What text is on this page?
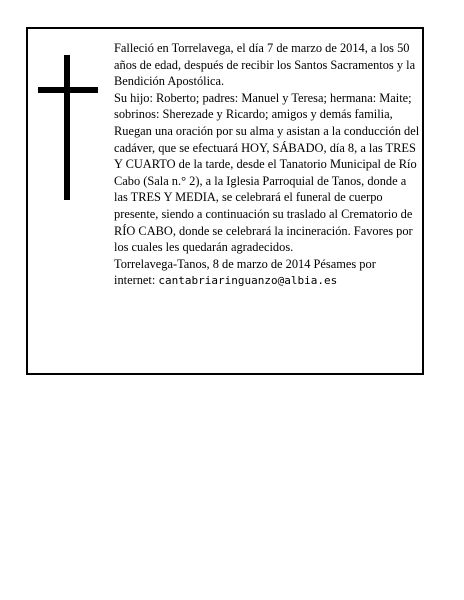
Falleció en Torrelavega, el día 7 de marzo de 2014, a los 50 años de edad, después de recibir los Santos Sacramentos y la Bendición Apostólica.

Su hijo: Roberto; padres: Manuel y Teresa; hermana: Maite; sobrinos: Sherezade y Ricardo; amigos y demás familia,

Ruegan una oración por su alma y asistan a la conducción del cadáver, que se efectuará HOY, SÁBADO, día 8, a las TRES Y CUARTO de la tarde, desde el Tanatorio Municipal de Río Cabo (Sala n.° 2), a la Iglesia Parroquial de Tanos, donde a las TRES Y MEDIA, se celebrará el funeral de cuerpo presente, siendo a continuación su traslado al Crematorio de RÍO CABO, donde se celebrará la incineración. Favores por los cuales les quedarán agradecidos.

Torrelavega-Tanos, 8 de marzo de 2014 Pésames por internet: cantabriaringuanzo@albia.es
